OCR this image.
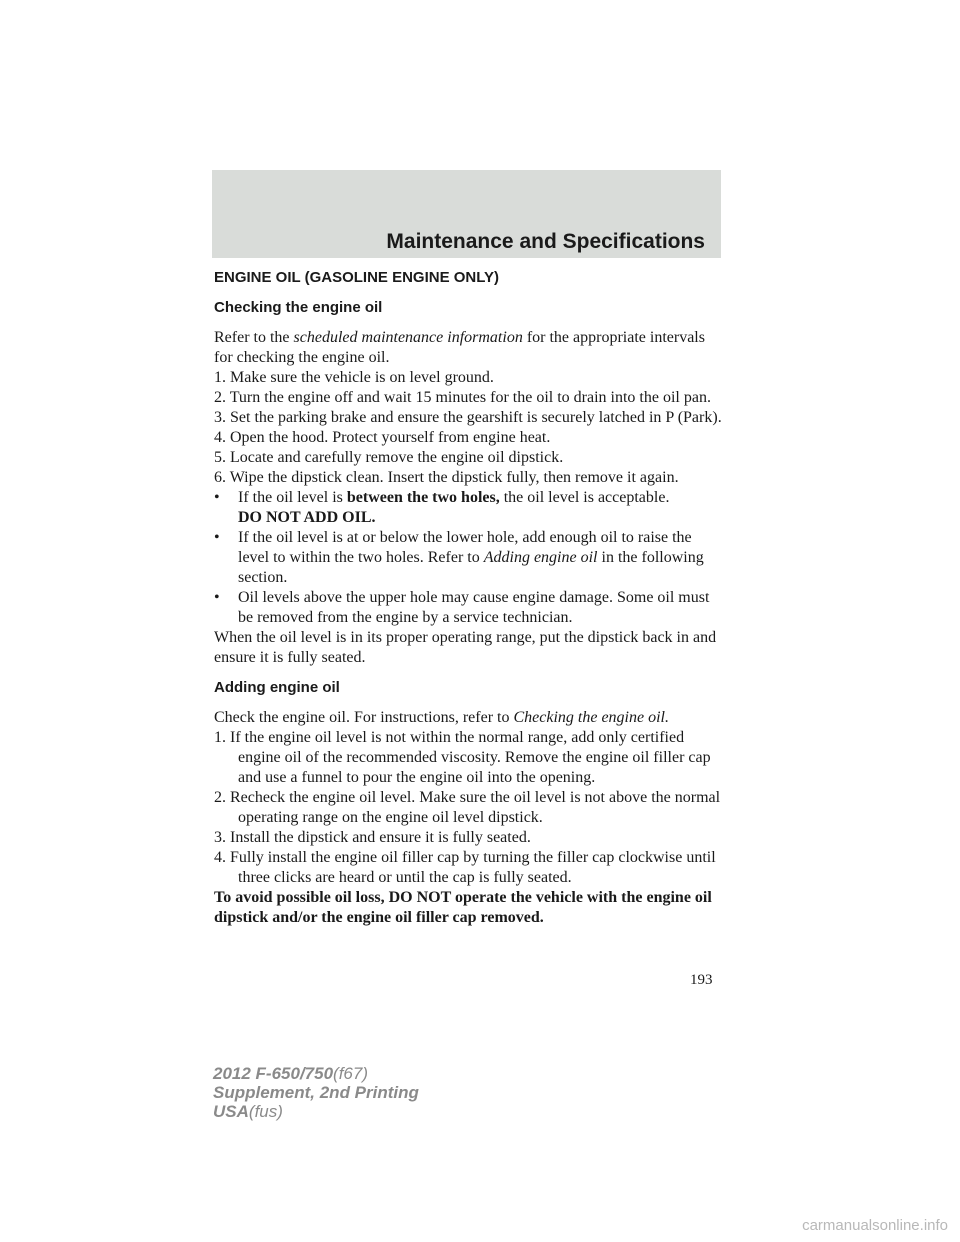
Maintenance and Specifications
ENGINE OIL (GASOLINE ENGINE ONLY)
Checking the engine oil

Refer to the scheduled maintenance information for the appropriate intervals for checking the engine oil.

1. Make sure the vehicle is on level ground.

2. Turn the engine off and wait 15 minutes for the oil to drain into the oil pan.

3. Set the parking brake and ensure the gearshift is securely latched in P (Park).

4. Open the hood. Protect yourself from engine heat.

5. Locate and carefully remove the engine oil dipstick.

6. Wipe the dipstick clean. Insert the dipstick fully, then remove it again.

• If the oil level is between the two holes, the oil level is acceptable.

DO NOT ADD OIL.

• If the oil level is at or below the lower hole, add enough oil to raise the level to within the two holes. Refer to Adding engine oil in the following section.

• Oil levels above the upper hole may cause engine damage. Some oil must be removed from the engine by a service technician.

When the oil level is in its proper operating range, put the dipstick back in and ensure it is fully seated.

Adding engine oil

Check the engine oil. For instructions, refer to Checking the engine oil.

1. If the engine oil level is not within the normal range, add only certified engine oil of the recommended viscosity. Remove the engine oil filler cap and use a funnel to pour the engine oil into the opening.

2. Recheck the engine oil level. Make sure the oil level is not above the normal operating range on the engine oil level dipstick.

3. Install the dipstick and ensure it is fully seated.

4. Fully install the engine oil filler cap by turning the filler cap clockwise until three clicks are heard or until the cap is fully seated.

To avoid possible oil loss, DO NOT operate the vehicle with the engine oil dipstick and/or the engine oil filler cap removed.

193
2012 F-650/750(f67)
Supplement, 2nd Printing
USA(fus)
carmanualsonline.info
